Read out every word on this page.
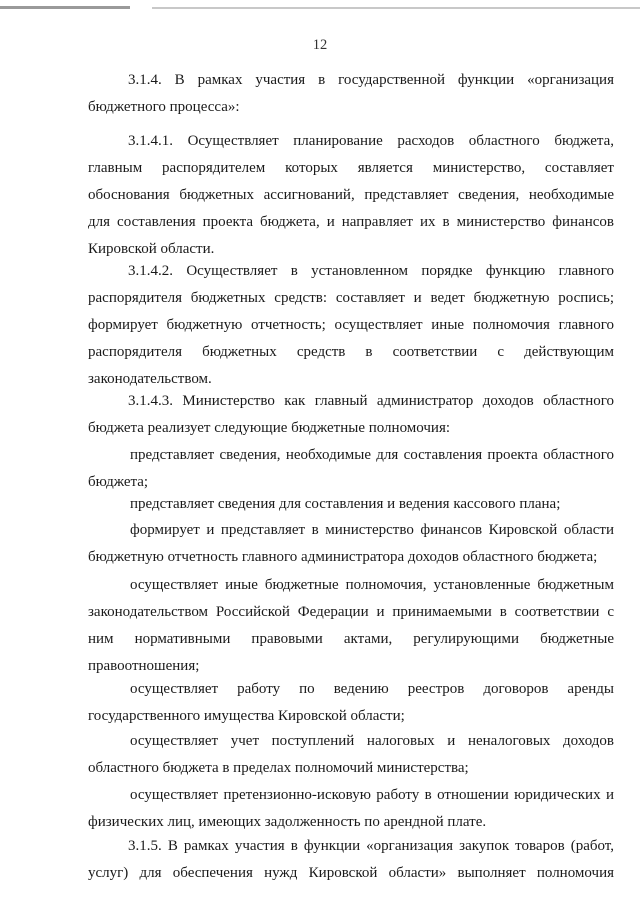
12
3.1.4. В рамках участия в государственной функции «организация
бюджетного процесса»:
3.1.4.1. Осуществляет планирование расходов областного бюджета,
главным распорядителем которых является министерство, составляет
обоснования бюджетных ассигнований, представляет сведения, необходимые
для составления проекта бюджета, и направляет их в министерство финансов
Кировской области.
3.1.4.2. Осуществляет в установленном порядке функцию главного
распорядителя бюджетных средств: составляет и ведет бюджетную роспись;
формирует бюджетную отчетность; осуществляет иные полномочия главного
распорядителя бюджетных средств в соответствии с действующим
законодательством.
3.1.4.3. Министерство как главный администратор доходов областного
бюджета реализует следующие бюджетные полномочия:
представляет сведения, необходимые для составления проекта областного
бюджета;
представляет сведения для составления и ведения кассового плана;
формирует и представляет в министерство финансов Кировской области
бюджетную отчетность главного администратора доходов областного бюджета;
осуществляет иные бюджетные полномочия, установленные бюджетным
законодательством Российской Федерации и принимаемыми в соответствии с
ним нормативными правовыми актами, регулирующими бюджетные
правоотношения;
осуществляет работу по ведению реестров договоров аренды
государственного имущества Кировской области;
осуществляет учет поступлений налоговых и неналоговых доходов
областного бюджета в пределах полномочий министерства;
осуществляет претензионно-исковую работу в отношении юридических и
физических лиц, имеющих задолженность по арендной плате.
3.1.5. В рамках участия в функции «организация закупок товаров (работ,
услуг) для обеспечения нужд Кировской области» выполняет полномочия
